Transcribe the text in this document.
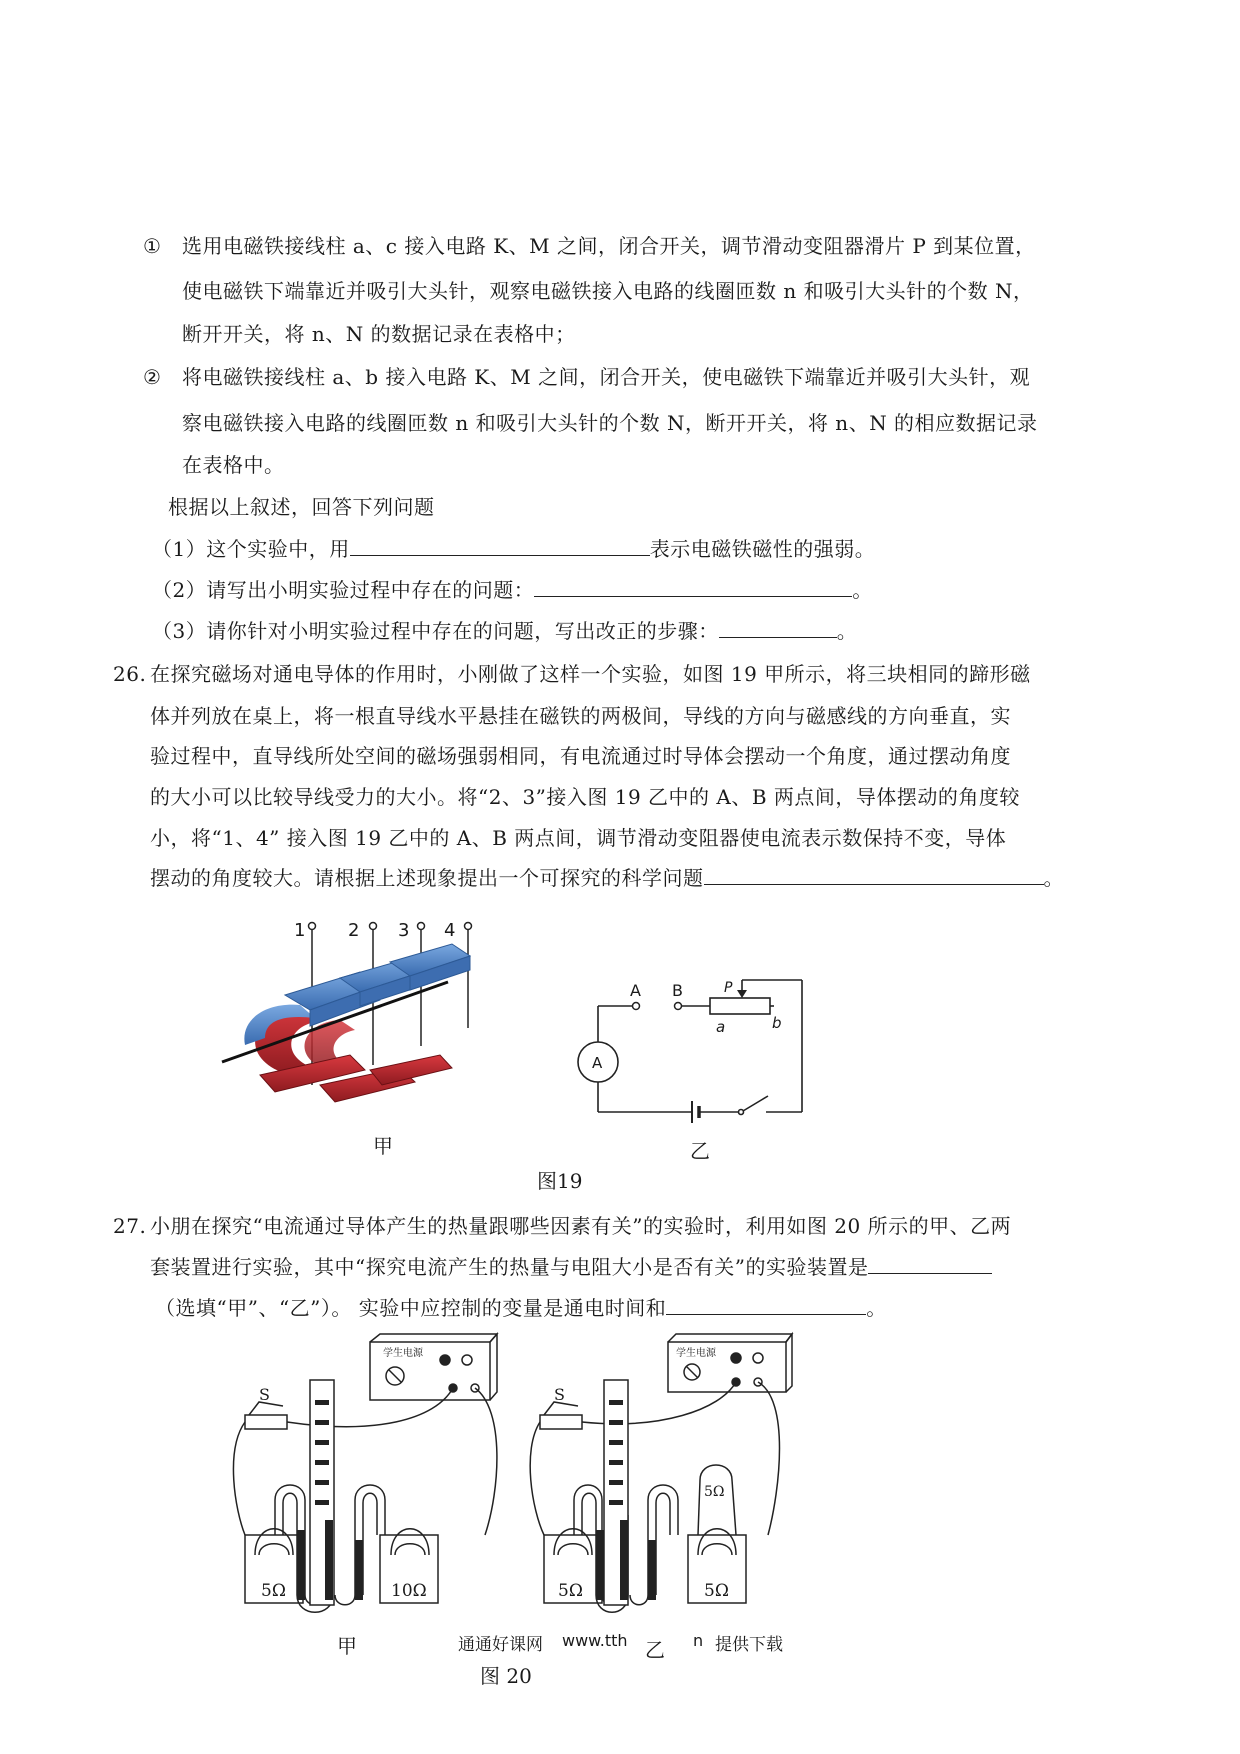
① 选用电磁铁接线柱 a、c 接入电路 K、M 之间，闭合开关，调节滑动变阻器滑片 P 到某位置，
使电磁铁下端靠近并吸引大头针，观察电磁铁接入电路的线圈匝数 n 和吸引大头针的个数 N，
断开开关，将 n、N 的数据记录在表格中；
② 将电磁铁接线柱 a、b 接入电路 K、M 之间，闭合开关，使电磁铁下端靠近并吸引大头针，观
察电磁铁接入电路的线圈匝数 n 和吸引大头针的个数 N，断开开关，将 n、N 的相应数据记录
在表格中。
根据以上叙述，回答下列问题
（1）这个实验中，用	表示电磁铁磁性的强弱。
（2）请写出小明实验过程中存在的问题：	。
（3）请你针对小明实验过程中存在的问题，写出改正的步骤：	。
26. 在探究磁场对通电导体的作用时，小刚做了这样一个实验，如图 19 甲所示，将三块相同的蹄形磁
体并列放在桌上，将一根直导线水平悬挂在磁铁的两极间，导线的方向与磁感线的方向垂直，实
验过程中，直导线所处空间的磁场强弱相同，有电流通过时导体会摆动一个角度，通过摆动角度
的大小可以比较导线受力的大小。将“2、3”接入图 19 乙中的 A、B 两点间，导体摆动的角度较
小，将“1、4” 接入图 19 乙中的 A、B 两点间，调节滑动变阻器使电流表示数保持不变，导体
摆动的角度较大。请根据上述现象提出一个可探究的科学问题	。
1 2 3 4
甲
A B	P
a	b
A
乙
图19
27. 小朋在探究“电流通过导体产生的热量跟哪些因素有关”的实验时，利用如图 20 所示的甲、乙两
套装置进行实验，其中“探究电流产生的热量与电阻大小是否有关”的实验装置是
（选填“甲”、“乙”）。 实验中应控制的变量是通电时间和	。
学生电源
S
5Ω	10Ω
甲
学生电源
S
5Ω
5Ω	5Ω
通通好课网 www.tth 乙 n 提供下载
图 20
